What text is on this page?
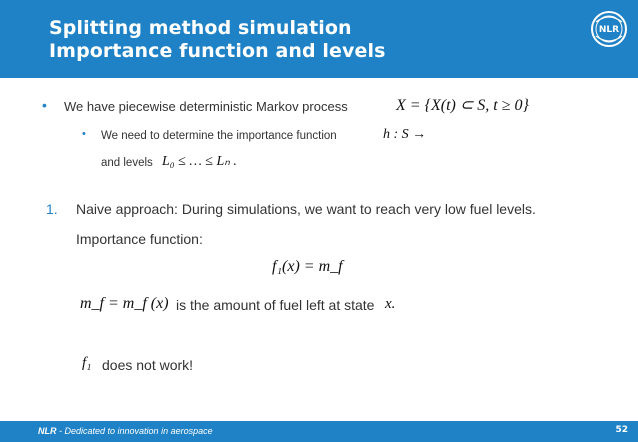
Splitting method simulation
Importance function and levels
NLR
• We have piecewise deterministic Markov process	X = {X(t) ⊂ S, t ≥ 0}
• We need to determine the importance function	h : S →
and levels L₀ ≤ … ≤ Lₙ .
1. Naive approach: During simulations, we want to reach very low fuel levels.
Importance function:
f₁(x) = m_f
m_f = m_f (x) is the amount of fuel left at state x.
f₁ does not work!
NLR - Dedicated to innovation in aerospace	52
